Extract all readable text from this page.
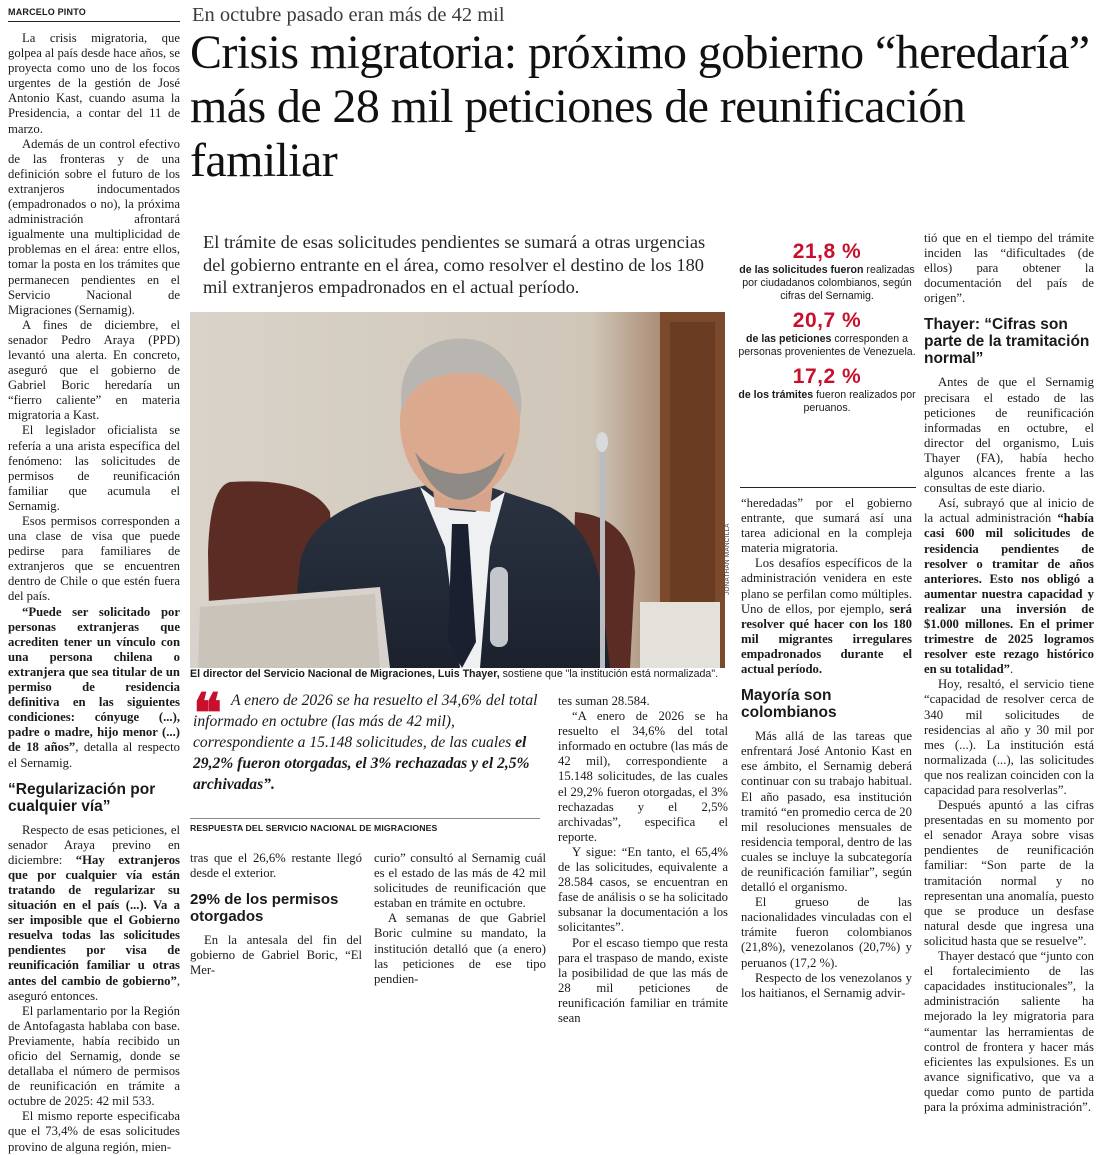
MARCELO PINTO

La crisis migratoria, que golpea al país desde hace años, se proyecta como uno de los focos urgentes de la gestión de José Antonio Kast, cuando asuma la Presidencia, a contar del 11 de marzo.

Además de un control efectivo de las fronteras y de una definición sobre el futuro de los extranjeros indocumentados (empadronados o no), la próxima administración afrontará igualmente una multiplicidad de problemas en el área: entre ellos, tomar la posta en los trámites que permanecen pendientes en el Servicio Nacional de Migraciones (Sernamig).

A fines de diciembre, el senador Pedro Araya (PPD) levantó una alerta. En concreto, aseguró que el gobierno de Gabriel Boric heredaría un “fierro caliente” en materia migratoria a Kast.

El legislador oficialista se refería a una arista específica del fenómeno: las solicitudes de permisos de reunificación familiar que acumula el Sernamig.

Esos permisos corresponden a una clase de visa que puede pedirse para familiares de extranjeros que se encuentren dentro de Chile o que estén fuera del país.

“Puede ser solicitado por personas extranjeras que acrediten tener un vínculo con una persona chilena o extranjera que sea titular de un permiso de residencia definitiva en las siguientes condiciones: cónyuge (...), padre o madre, hijo menor (...) de 18 años”, detalla al respecto el Sernamig.

“Regularización por cualquier vía”

Respecto de esas peticiones, el senador Araya previno en diciembre: “Hay extranjeros que por cualquier vía están tratando de regularizar su situación en el país (...). Va a ser imposible que el Gobierno resuelva todas las solicitudes pendientes por visa de reunificación familiar u otras antes del cambio de gobierno”, aseguró entonces.

El parlamentario por la Región de Antofagasta hablaba con base. Previamente, había recibido un oficio del Sernamig, donde se detallaba el número de permisos de reunificación en trámite a octubre de 2025: 42 mil 533.

El mismo reporte especificaba que el 73,4% de esas solicitudes provino de alguna región, mien-

En octubre pasado eran más de 42 mil
Crisis migratoria: próximo gobierno “heredaría” más de 28 mil peticiones de reunificación familiar
El trámite de esas solicitudes pendientes se sumará a otras urgencias del gobierno entrante en el área, como resolver el destino de los 180 mil extranjeros empadronados en el actual período.
JONATHAN MANCILLA
El director del Servicio Nacional de Migraciones, Luis Thayer, sostiene que "la institución está normalizada".
❝ A enero de 2026 se ha resuelto el 34,6% del total informado en octubre (las más de 42 mil), correspondiente a 15.148 solicitudes, de las cuales el 29,2% fueron otorgadas, el 3% rechazadas y el 2,5% archivadas”.

RESPUESTA DEL SERVICIO NACIONAL DE MIGRACIONES

tras que el 26,6% restante llegó desde el exterior.

29% de los permisos otorgados

En la antesala del fin del gobierno de Gabriel Boric, “El Mer-

curio” consultó al Sernamig cuál es el estado de las más de 42 mil solicitudes de reunificación que estaban en trámite en octubre.

A semanas de que Gabriel Boric culmine su mandato, la institución detalló que (a enero) las peticiones de ese tipo pendien-

tes suman 28.584.

“A enero de 2026 se ha resuelto el 34,6% del total informado en octubre (las más de 42 mil), correspondiente a 15.148 solicitudes, de las cuales el 29,2% fueron otorgadas, el 3% rechazadas y el 2,5% archivadas”, especifica el reporte.

Y sigue: “En tanto, el 65,4% de las solicitudes, equivalente a 28.584 casos, se encuentran en fase de análisis o se ha solicitado subsanar la documentación a los solicitantes”.

Por el escaso tiempo que resta para el traspaso de mando, existe la posibilidad de que las más de 28 mil peticiones de reunificación familiar en trámite sean

21,8 %
de las solicitudes fueron realizadas por ciudadanos colombianos, según cifras del Sernamig.
20,7 %
de las peticiones corresponden a personas provenientes de Venezuela.
17,2 %
de los trámites fueron realizados por peruanos.

“heredadas” por el gobierno entrante, que sumará así una tarea adicional en la compleja materia migratoria.

Los desafíos específicos de la administración venidera en este plano se perfilan como múltiples. Uno de ellos, por ejemplo, será resolver qué hacer con los 180 mil migrantes irregulares empadronados durante el actual período.

Mayoría son colombianos

Más allá de las tareas que enfrentará José Antonio Kast en ese ámbito, el Sernamig deberá continuar con su trabajo habitual. El año pasado, esa institución tramitó “en promedio cerca de 20 mil resoluciones mensuales de residencia temporal, dentro de las cuales se incluye la subcategoría de reunificación familiar”, según detalló el organismo.

El grueso de las nacionalidades vinculadas con el trámite fueron colombianos (21,8%), venezolanos (20,7%) y peruanos (17,2 %).

Respecto de los venezolanos y los haitianos, el Sernamig advir-

tió que en el tiempo del trámite inciden las “dificultades (de ellos) para obtener la documentación del país de origen”.

Thayer: “Cifras son parte de la tramitación normal”

Antes de que el Sernamig precisara el estado de las peticiones de reunificación informadas en octubre, el director del organismo, Luis Thayer (FA), había hecho algunos alcances frente a las consultas de este diario.

Así, subrayó que al inicio de la actual administración “había casi 600 mil solicitudes de residencia pendientes de resolver o tramitar de años anteriores. Esto nos obligó a aumentar nuestra capacidad y realizar una inversión de $1.000 millones. En el primer trimestre de 2025 logramos resolver este rezago histórico en su totalidad”.

Hoy, resaltó, el servicio tiene “capacidad de resolver cerca de 340 mil solicitudes de residencias al año y 30 mil por mes (...). La institución está normalizada (...), las solicitudes que nos realizan coinciden con la capacidad para resolverlas”.

Después apuntó a las cifras presentadas en su momento por el senador Araya sobre visas pendientes de reunificación familiar: “Son parte de la tramitación normal y no representan una anomalía, puesto que se produce un desfase natural desde que ingresa una solicitud hasta que se resuelve”.

Thayer destacó que “junto con el fortalecimiento de las capacidades institucionales”, la administración saliente ha mejorado la ley migratoria para “aumentar las herramientas de control de frontera y hacer más eficientes las expulsiones. Es un avance significativo, que va a quedar como punto de partida para la próxima administración”.
